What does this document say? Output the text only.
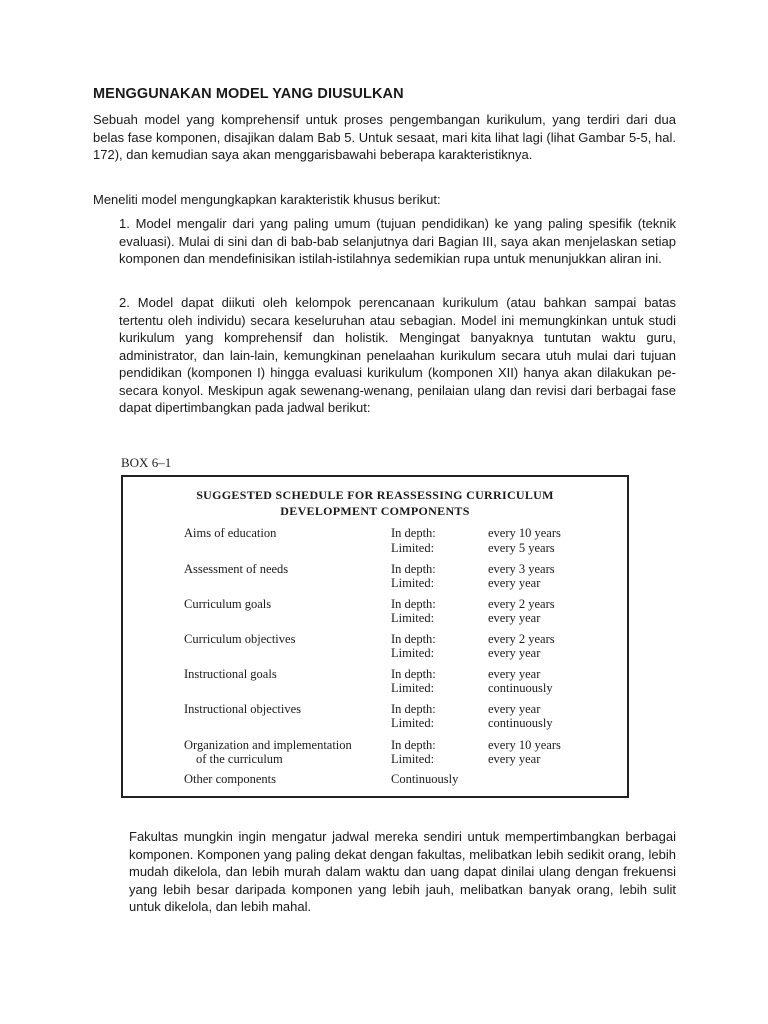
MENGGUNAKAN MODEL YANG DIUSULKAN

Sebuah model yang komprehensif untuk proses pengembangan kurikulum, yang terdiri dari dua belas fase komponen, disajikan dalam Bab 5. Untuk sesaat, mari kita lihat lagi (lihat Gambar 5-5, hal. 172), dan kemudian saya akan menggarisbawahi beberapa karakteristiknya.

Meneliti model mengungkapkan karakteristik khusus berikut:

1. Model mengalir dari yang paling umum (tujuan pendidikan) ke yang paling spesifik (teknik evaluasi). Mulai di sini dan di bab-bab selanjutnya dari Bagian III, saya akan menjelaskan setiap komponen dan mendefinisikan istilah-istilahnya sedemikian rupa untuk menunjukkan aliran ini.

2. Model dapat diikuti oleh kelompok perencanaan kurikulum (atau bahkan sampai batas tertentu oleh individu) secara keseluruhan atau sebagian. Model ini memungkinkan untuk studi kurikulum yang komprehensif dan holistik. Mengingat banyaknya tuntutan waktu guru, administrator, dan lain-lain, kemungkinan penelaahan kurikulum secara utuh mulai dari tujuan pendidikan (komponen I) hingga evaluasi kurikulum (komponen XII) hanya akan dilakukan pe- secara konyol. Meskipun agak sewenang-wenang, penilaian ulang dan revisi dari berbagai fase dapat dipertimbangkan pada jadwal berikut:

BOX 6–1
SUGGESTED SCHEDULE FOR REASSESSING CURRICULUM
DEVELOPMENT COMPONENTS
Aims of education	In depth:	every 10 years
Limited:	every 5 years
Assessment of needs	In depth:	every 3 years
Limited:	every year
Curriculum goals	In depth:	every 2 years
Limited:	every year
Curriculum objectives	In depth:	every 2 years
Limited:	every year
Instructional goals	In depth:	every year
Limited:	continuously
Instructional objectives	In depth:	every year
Limited:	continuously
Organization and implementation	In depth:	every 10 years
of the curriculum	Limited:	every year
Other components	Continuously

Fakultas mungkin ingin mengatur jadwal mereka sendiri untuk mempertimbangkan berbagai komponen. Komponen yang paling dekat dengan fakultas, melibatkan lebih sedikit orang, lebih mudah dikelola, dan lebih murah dalam waktu dan uang dapat dinilai ulang dengan frekuensi yang lebih besar daripada komponen yang lebih jauh, melibatkan banyak orang, lebih sulit untuk dikelola, dan lebih mahal.
